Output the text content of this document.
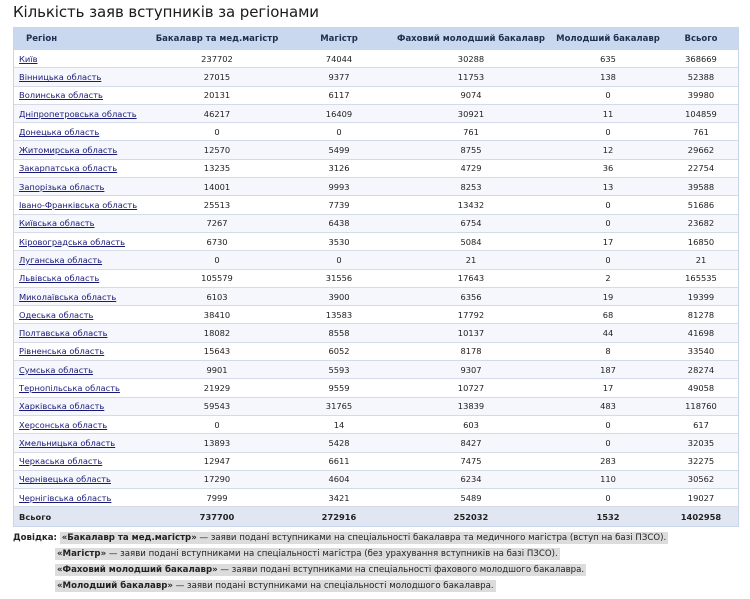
Кількість заяв вступників за регіонами
Регіон	Бакалавр та мед.магістр	Магістр	Фаховий молодший бакалавр	Молодший бакалавр	Всього
Київ	237702	74044	30288	635	368669
Вінницька область	27015	9377	11753	138	52388
Волинська область	20131	6117	9074	0	39980
Дніпропетровська область	46217	16409	30921	11	104859
Донецька область	0	0	761	0	761
Житомирська область	12570	5499	8755	12	29662
Закарпатська область	13235	3126	4729	36	22754
Запорізька область	14001	9993	8253	13	39588
Івано-Франківська область	25513	7739	13432	0	51686
Київська область	7267	6438	6754	0	23682
Кіровоградська область	6730	3530	5084	17	16850
Луганська область	0	0	21	0	21
Львівська область	105579	31556	17643	2	165535
Миколаївська область	6103	3900	6356	19	19399
Одеська область	38410	13583	17792	68	81278
Полтавська область	18082	8558	10137	44	41698
Рівненська область	15643	6052	8178	8	33540
Сумська область	9901	5593	9307	187	28274
Тернопільська область	21929	9559	10727	17	49058
Харківська область	59543	31765	13839	483	118760
Херсонська область	0	14	603	0	617
Хмельницька область	13893	5428	8427	0	32035
Черкаська область	12947	6611	7475	283	32275
Чернівецька область	17290	4604	6234	110	30562
Чернігівська область	7999	3421	5489	0	19027
Всього	737700	272916	252032	1532	1402958
Довідка: «Бакалавр та мед.магістр» — заяви подані вступниками на спеціальності бакалавра та медичного магістра (вступ на базі ПЗСО).
«Магістр» — заяви подані вступниками на спеціальності магістра (без урахування вступників на базі ПЗСО).
«Фаховий молодший бакалавр» — заяви подані вступниками на спеціальності фахового молодшого бакалавра.
«Молодший бакалавр» — заяви подані вступниками на спеціальності молодшого бакалавра.
